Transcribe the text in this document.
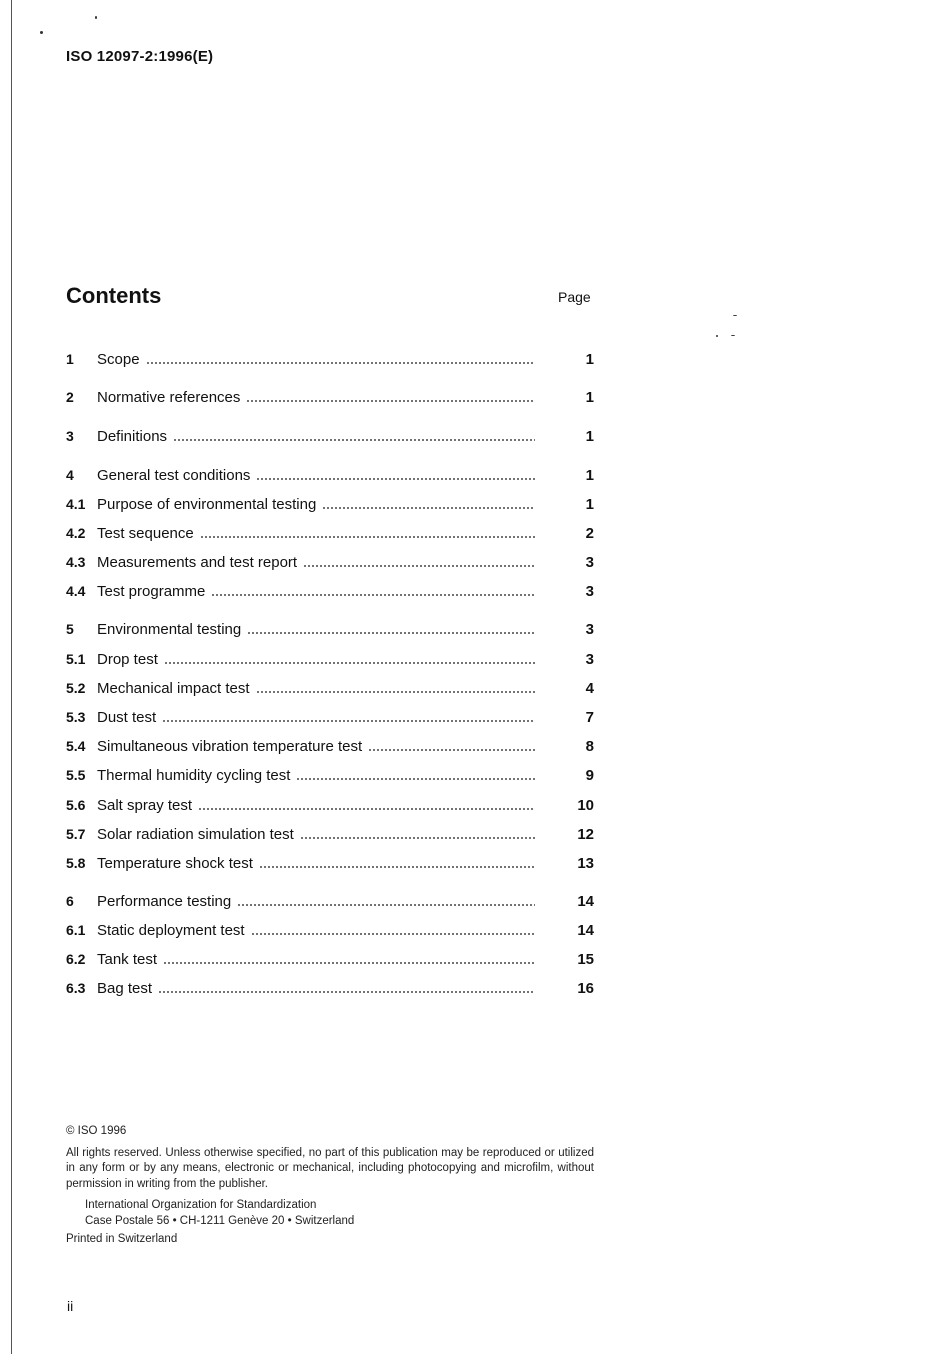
ISO 12097-2:1996(E)
Contents	Page
1	Scope	1
2	Normative references	1
3	Definitions	1
4	General test conditions	1
4.1 Purpose of environmental testing	1
4.2 Test sequence	2
4.3 Measurements and test report	3
4.4 Test programme	3
5	Environmental testing	3
5.1 Drop test	3
5.2 Mechanical impact test	4
5.3 Dust test	7
5.4 Simultaneous vibration temperature test	8
5.5 Thermal humidity cycling test	9
5.6 Salt spray test	10
5.7 Solar radiation simulation test	12
5.8 Temperature shock test	13
6	Performance testing	14
6.1 Static deployment test	14
6.2 Tank test	15
6.3 Bag test	16

© ISO 1996

All rights reserved. Unless otherwise specified, no part of this publication may be reproduced or utilized in any form or by any means, electronic or mechanical, including photocopying and microfilm, without permission in writing from the publisher.

International Organization for Standardization

Case Postale 56 • CH-1211 Genève 20 • Switzerland

Printed in Switzerland

ii
